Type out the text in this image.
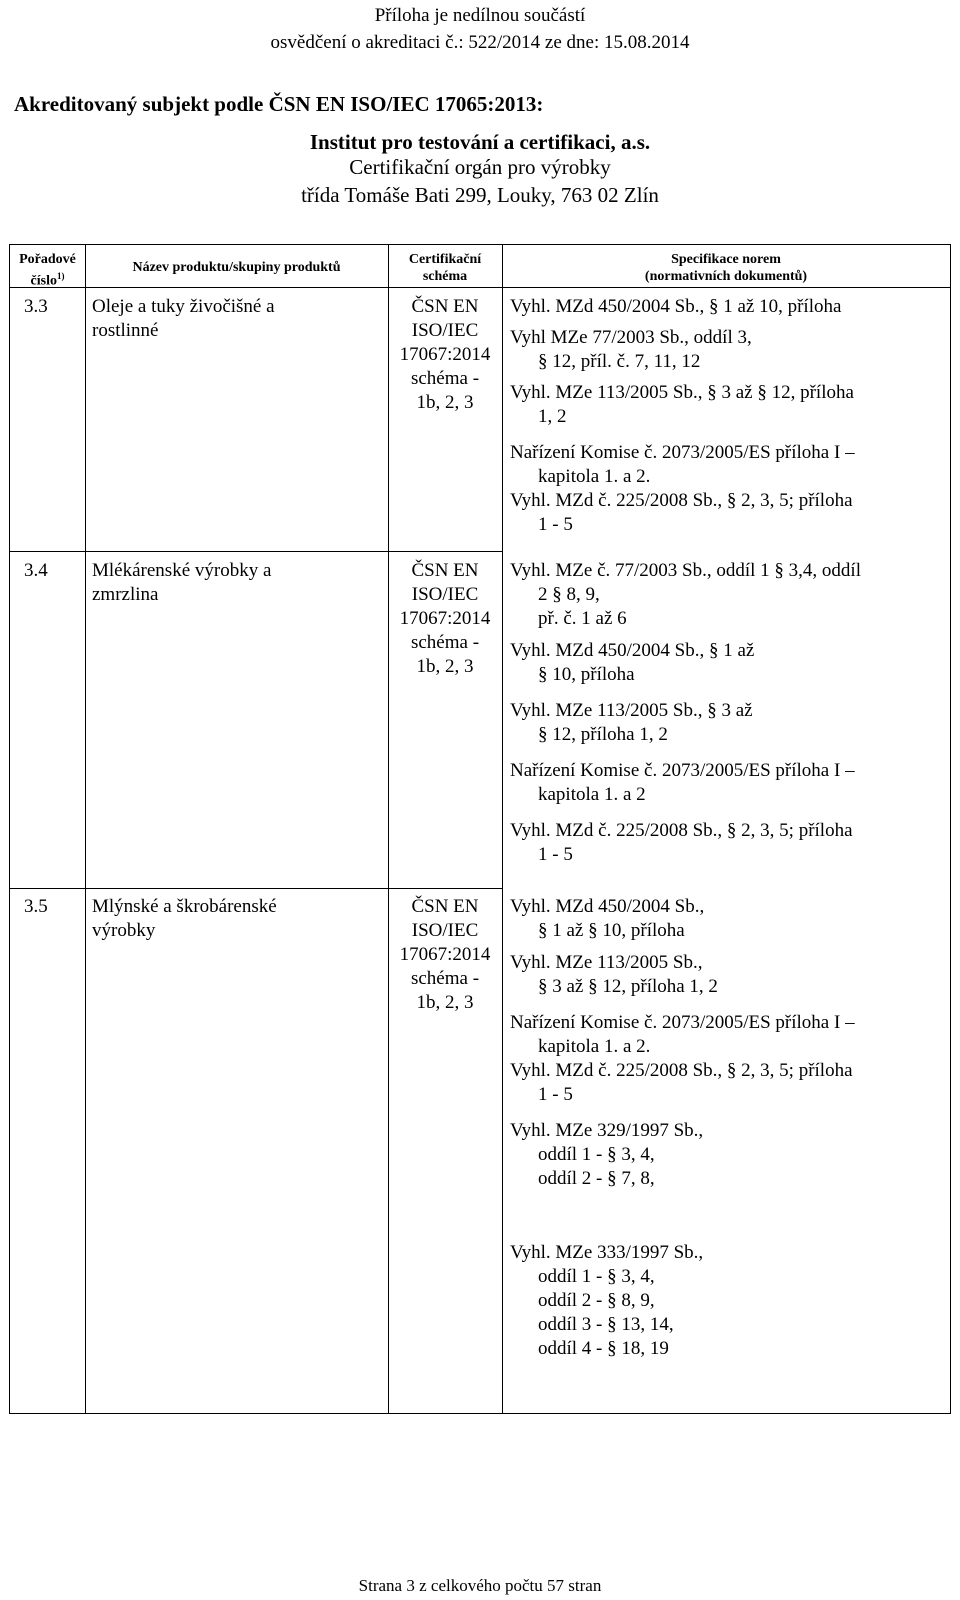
Příloha je nedílnou součástí
osvědčení o akreditaci č.: 522/2014 ze dne: 15.08.2014
Akreditovaný subjekt podle ČSN EN ISO/IEC 17065:2013:
Institut pro testování a certifikaci, a.s.
Certifikační orgán pro výrobky
třída Tomáše Bati 299, Louky, 763 02 Zlín
Pořadové číslo$^{1)}$
Název produktu/skupiny produktů
Certifikační schéma
Specifikace norem
(normativních dokumentů)
3.3 Oleje a tuky živočišné a
rostlinné
ČSN EN
ISO/IEC
17067:2014
schéma -
1b, 2, 3
Vyhl. MZd 450/2004 Sb., § 1 až 10, příloha
Vyhl MZe 77/2003 Sb., oddíl 3,
§ 12, příl. č. 7, 11, 12
Vyhl. MZe 113/2005 Sb., § 3 až § 12, příloha
1, 2
Nařízení Komise č. 2073/2005/ES příloha I –
kapitola 1. a 2.
Vyhl. MZd č. 225/2008 Sb., § 2, 3, 5; příloha
1 - 5
3.4 Mlékárenské výrobky a
zmrzlina
ČSN EN
ISO/IEC
17067:2014
schéma -
1b, 2, 3
Vyhl. MZe č. 77/2003 Sb., oddíl 1 § 3,4, oddíl
2 § 8, 9,
př. č. 1 až 6
Vyhl. MZd 450/2004 Sb., § 1 až
§ 10, příloha
Vyhl. MZe 113/2005 Sb., § 3 až
§ 12, příloha 1, 2
Nařízení Komise č. 2073/2005/ES příloha I –
kapitola 1. a 2
Vyhl. MZd č. 225/2008 Sb., § 2, 3, 5; příloha
1 - 5
3.5 Mlýnské a škrobárenské
výrobky
ČSN EN
ISO/IEC
17067:2014
schéma -
1b, 2, 3
Vyhl. MZd 450/2004 Sb.,
§ 1 až § 10, příloha
Vyhl. MZe 113/2005 Sb.,
§ 3 až § 12, příloha 1, 2
Nařízení Komise č. 2073/2005/ES příloha I –
kapitola 1. a 2.
Vyhl. MZd č. 225/2008 Sb., § 2, 3, 5; příloha
1 - 5
Vyhl. MZe 329/1997 Sb.,
oddíl 1 - § 3, 4,
oddíl 2 - § 7, 8,
Vyhl. MZe 333/1997 Sb.,
oddíl 1 - § 3, 4,
oddíl 2 - § 8, 9,
oddíl 3 - § 13, 14,
oddíl 4 - § 18, 19
Strana 3 z celkového počtu 57 stran
